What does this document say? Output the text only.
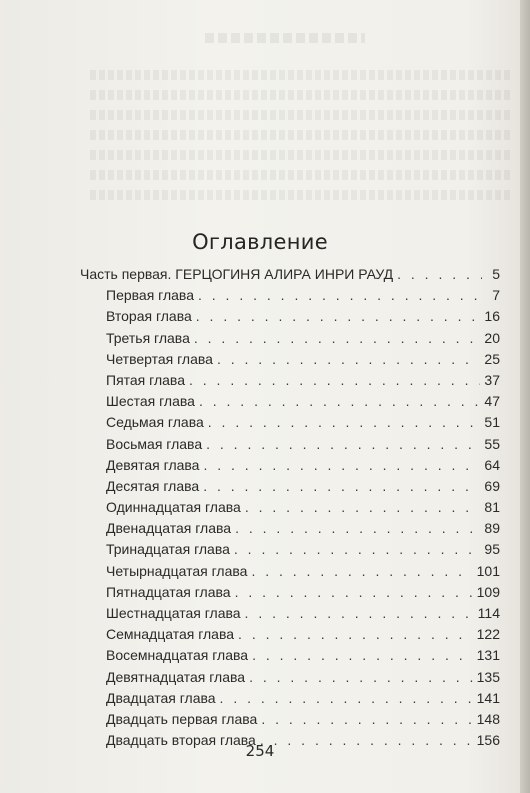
Оглавление
Часть первая. ГЕРЦОГИНЯ АЛИРА ИНРИ РАУД . . .	5
Первая глава . . .	7
Вторая глава . . .	16
Третья глава . . .	20
Четвертая глава . . .	25
Пятая глава . . .	37
Шестая глава . . .	47
Седьмая глава . . .	51
Восьмая глава . . .	55
Девятая глава . . .	64
Десятая глава . . .	69
Одиннадцатая глава . . .	81
Двенадцатая глава . . .	89
Тринадцатая глава . . .	95
Четырнадцатая глава . . .	101
Пятнадцатая глава . . .	109
Шестнадцатая глава . . .	114
Семнадцатая глава . . .	122
Восемнадцатая глава . . .	131
Девятнадцатая глава . . .	135
Двадцатая глава . . .	141
Двадцать первая глава . . .	148
Двадцать вторая глава . . .	156
254
